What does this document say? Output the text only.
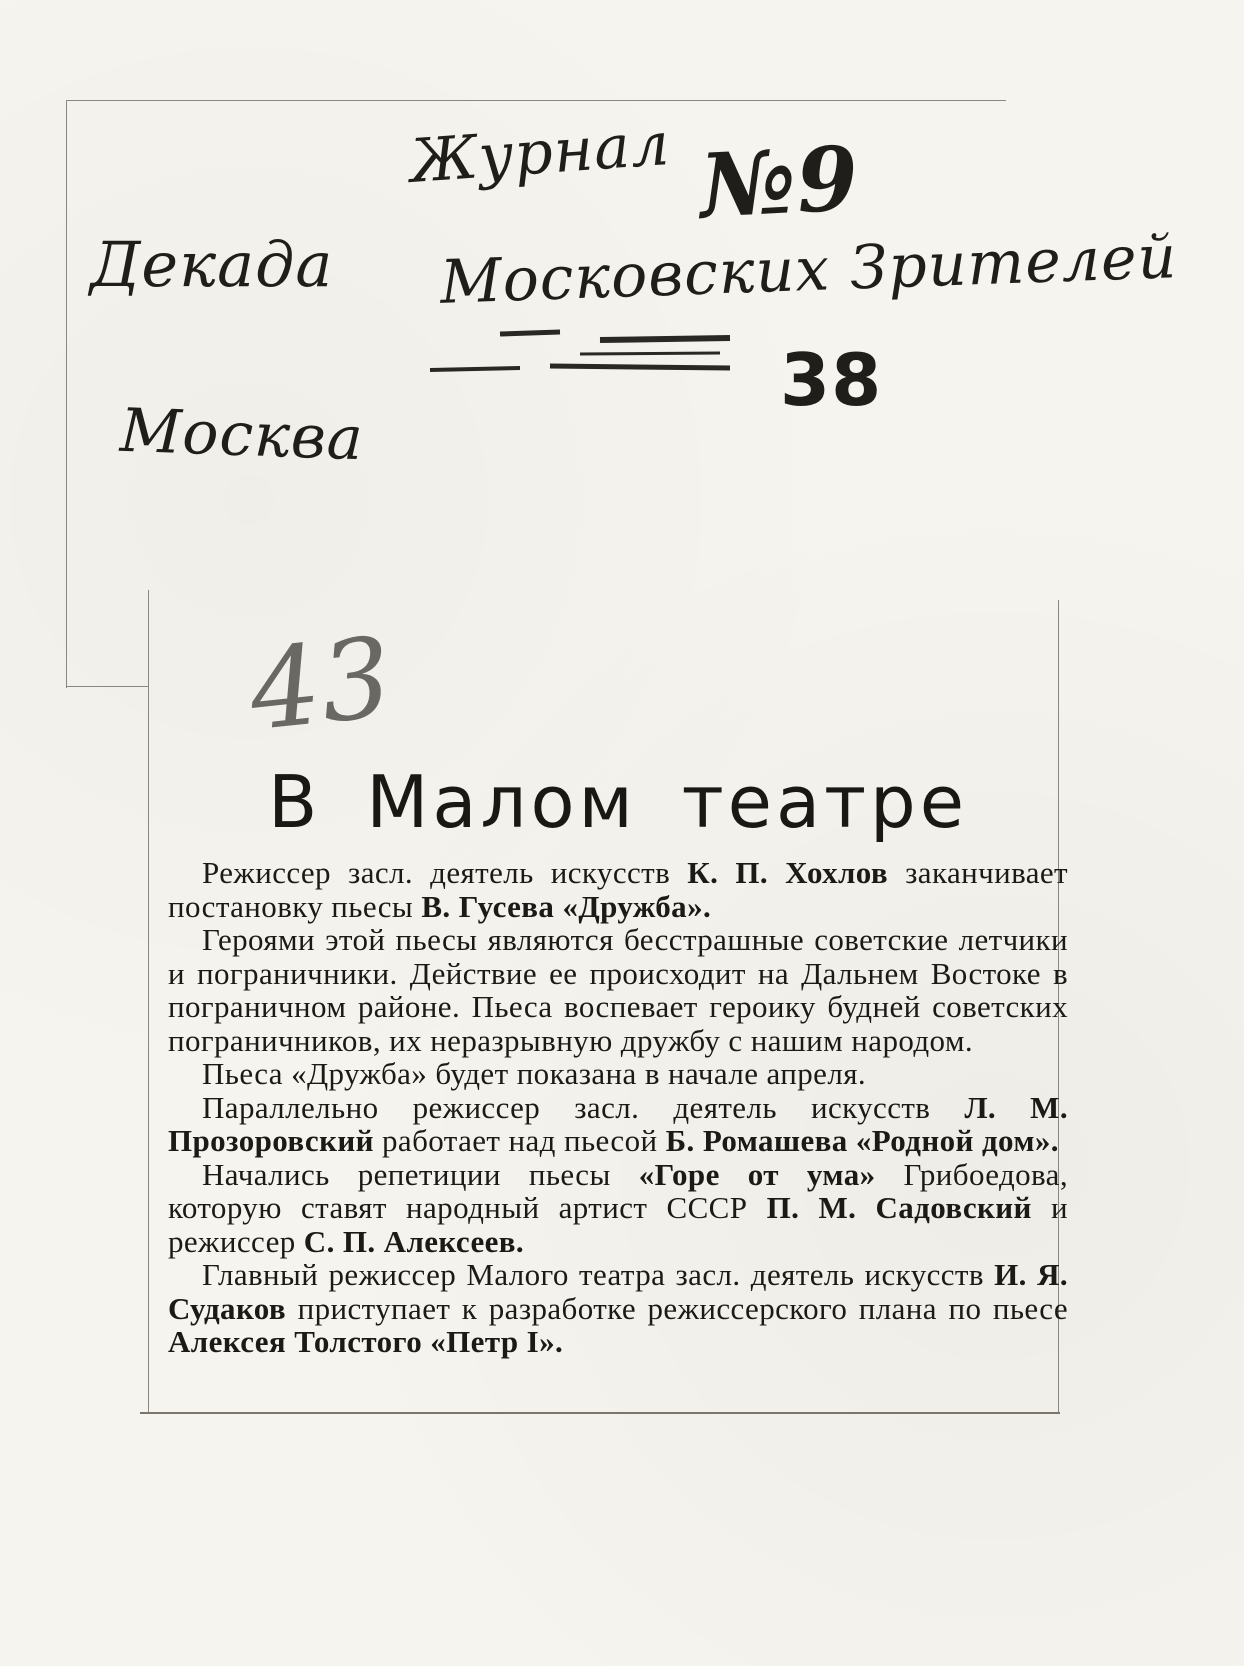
Журнал №9
Декада Московских Зрителей
38
Москва
43
В Малом театре

Режиссер засл. деятель искусств К. П. Хохлов заканчивает постановку пьесы В. Гусева «Дружба».

Героями этой пьесы являются бесстрашные советские летчики и пограничники. Действие ее происходит на Дальнем Востоке в пограничном районе. Пьеса воспевает героику будней советских пограничников, их неразрывную дружбу с нашим народом.

Пьеса «Дружба» будет показана в начале апреля.

Параллельно режиссер засл. деятель искусств Л. М. Прозоровский работает над пьесой Б. Ромашева «Родной дом».

Начались репетиции пьесы «Горе от ума» Грибоедова, которую ставят народный артист СССР П. М. Садовский и режиссер С. П. Алексеев.

Главный режиссер Малого театра засл. деятель искусств И. Я. Судаков приступает к разработке режиссерского плана по пьесе Алексея Толстого «Петр I».
